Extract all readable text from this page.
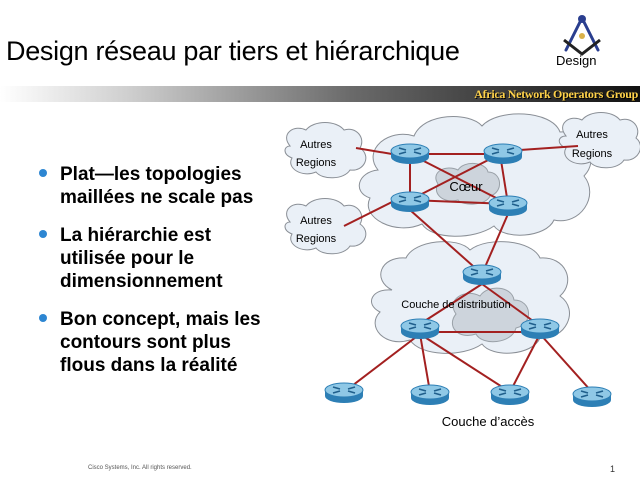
Design réseau par tiers et hiérarchique	Design
Africa Network Operators Group
Cœur
Couche de distribution
Couche d’accès
Autres
Regions
Autres
Regions
Autres
Regions
Plat—les topologies
maillées ne scale pas
La hiérarchie est
utilisée pour le
dimensionnement
Bon concept, mais les
contours sont plus
flous dans la réalité
Cisco Systems, Inc. All rights reserved.	1
